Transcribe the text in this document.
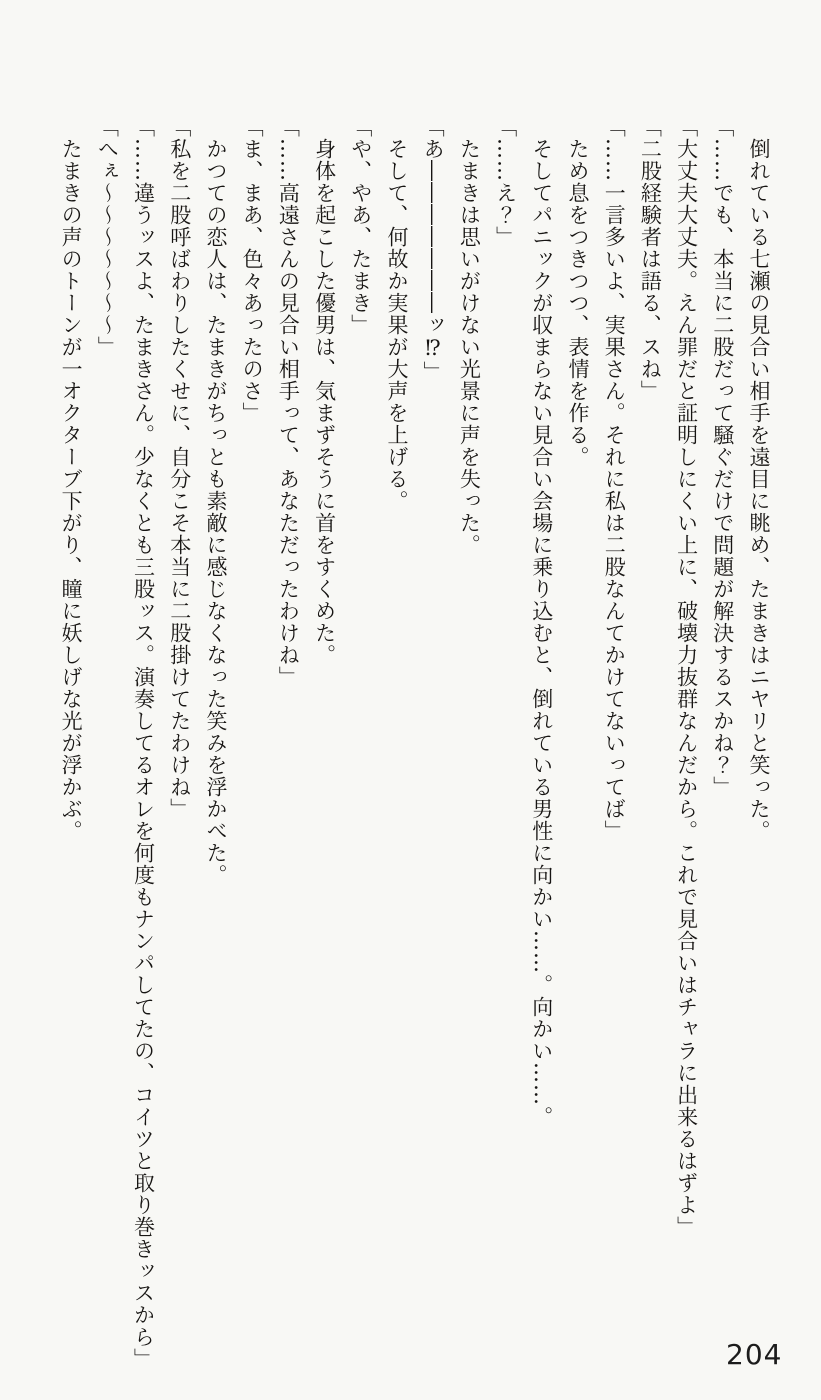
　倒れている七瀬の見合い相手を遠目に眺め、たまきはニヤリと笑った。
「……でも、本当に二股だって騒ぐだけで問題が解決するスかね？」
「大丈夫大丈夫。えん罪だと証明しにくい上に、破壊力抜群なんだから。これで見合いはチャラに出来るはずよ」
「二股経験者は語る、スね」
「……一言多いよ、実果さん。それに私は二股なんてかけてないってば」
　ため息をつきつつ、表情を作る。
　そしてパニックが収まらない見合い会場に乗り込むと、倒れている男性に向かい……。向かい……。
「……え？」
　たまきは思いがけない光景に声を失った。
「あ―――――――ッ⁉」
　そして、何故か実果が大声を上げる。
「や、やあ、たまき」
　身体を起こした優男は、気まずそうに首をすくめた。
「……高遠さんの見合い相手って、あなただったわけね」
「ま、まあ、色々あったのさ」
　かつての恋人は、たまきがちっとも素敵に感じなくなった笑みを浮かべた。
「私を二股呼ばわりしたくせに、自分こそ本当に二股掛けてたわけね」
「……違うッスよ、たまきさん。少なくとも三股ッス。演奏してるオレを何度もナンパしてたの、コイツと取り巻きッスから」
「へぇ〜〜〜〜〜〜〜」
　たまきの声のトーンが一オクターブ下がり、瞳に妖しげな光が浮かぶ。
204
